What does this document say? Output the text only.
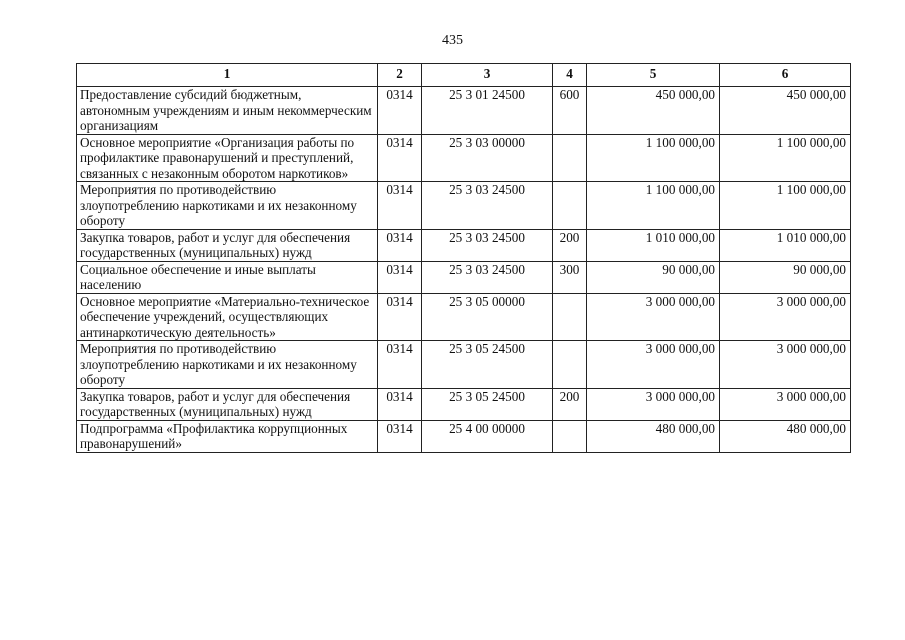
435
1	2	3	4	5	6
Предоставление субсидий бюджетным, автономным учреждениям и иным некоммерческим организациям	0314	25 3 01 24500	600	450 000,00	450 000,00
Основное мероприятие «Организация работы по профилактике правонарушений и преступлений, связанных с незаконным оборотом наркотиков»	0314	25 3 03 00000		1 100 000,00	1 100 000,00
Мероприятия по противодействию злоупотреблению наркотиками и их незаконному обороту	0314	25 3 03 24500		1 100 000,00	1 100 000,00
Закупка товаров, работ и услуг для обеспечения государственных (муниципальных) нужд	0314	25 3 03 24500	200	1 010 000,00	1 010 000,00
Социальное обеспечение и иные выплаты населению	0314	25 3 03 24500	300	90 000,00	90 000,00
Основное мероприятие «Материально-техническое обеспечение учреждений, осуществляющих антинаркотическую деятельность»	0314	25 3 05 00000		3 000 000,00	3 000 000,00
Мероприятия по противодействию злоупотреблению наркотиками и их незаконному обороту	0314	25 3 05 24500		3 000 000,00	3 000 000,00
Закупка товаров, работ и услуг для обеспечения государственных (муниципальных) нужд	0314	25 3 05 24500	200	3 000 000,00	3 000 000,00
Подпрограмма «Профилактика коррупционных правонарушений»	0314	25 4 00 00000		480 000,00	480 000,00
